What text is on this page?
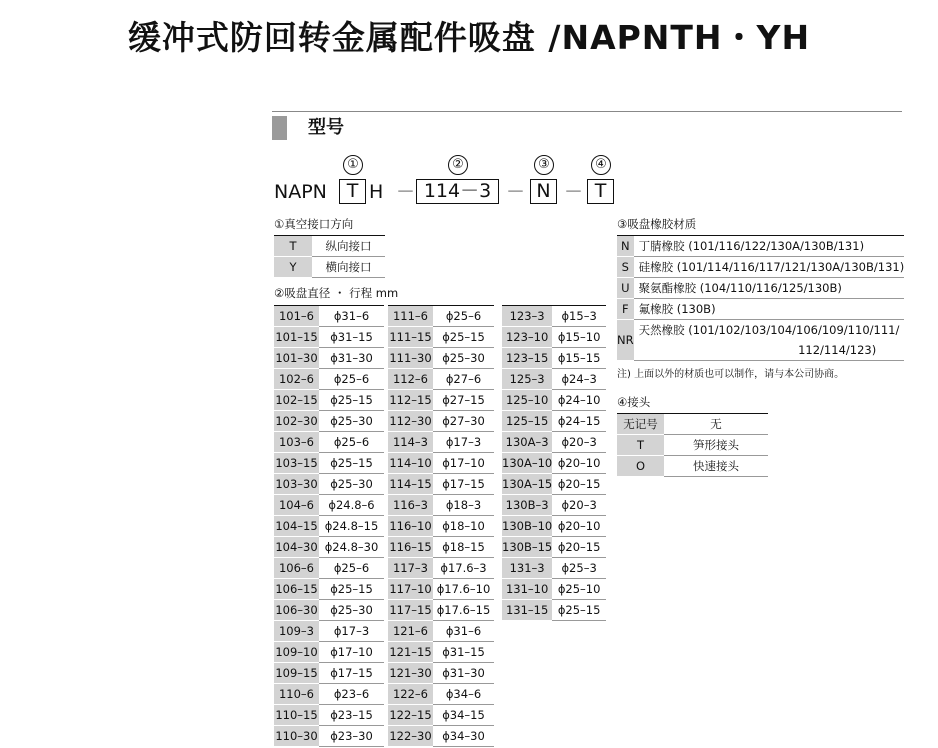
缓冲式防回转金属配件吸盘 /NAPNTH・YH
型号
①	②	③	④
NAPN	T H － 114－3 － N － T
①真空接口方向
T	纵向接口
Y	横向接口
②吸盘直径 ・ 行程 mm
101–6	ϕ31–6
101–15	ϕ31–15
101–30	ϕ31–30
102–6	ϕ25–6
102–15	ϕ25–15
102–30	ϕ25–30
103–6	ϕ25–6
103–15	ϕ25–15
103–30	ϕ25–30
104–6	ϕ24.8–6
104–15	ϕ24.8–15
104–30	ϕ24.8–30
106–6	ϕ25–6
106–15	ϕ25–15
106–30	ϕ25–30
109–3	ϕ17–3
109–10	ϕ17–10
109–15	ϕ17–15
110–6	ϕ23–6
110–15	ϕ23–15
110–30	ϕ23–30
111–6	ϕ25–6
111–15	ϕ25–15
111–30	ϕ25–30
112–6	ϕ27–6
112–15	ϕ27–15
112–30	ϕ27–30
114–3	ϕ17–3
114–10	ϕ17–10
114–15	ϕ17–15
116–3	ϕ18–3
116–10	ϕ18–10
116–15	ϕ18–15
117–3	ϕ17.6–3
117–10	ϕ17.6–10
117–15	ϕ17.6–15
121–6	ϕ31–6
121–15	ϕ31–15
121–30	ϕ31–30
122–6	ϕ34–6
122–15	ϕ34–15
122–30	ϕ34–30
123–3	ϕ15–3
123–10	ϕ15–10
123–15	ϕ15–15
125–3	ϕ24–3
125–10	ϕ24–10
125–15	ϕ24–15
130A–3	ϕ20–3
130A–10	ϕ20–10
130A–15	ϕ20–15
130B–3	ϕ20–3
130B–10	ϕ20–10
130B–15	ϕ20–15
131–3	ϕ25–3
131–10	ϕ25–10
131–15	ϕ25–15
③吸盘橡胶材质
N	丁腈橡胶 (101/116/122/130A/130B/131)
S	硅橡胶 (101/114/116/117/121/130A/130B/131)
U	聚氨酯橡胶 (104/110/116/125/130B)
F	氟橡胶 (130B)
NR	天然橡胶 (101/102/103/104/106/109/110/111/
112/114/123)
注) 上面以外的材质也可以制作，请与本公司协商。
④接头
无记号	无
T	笋形接头
O	快速接头
